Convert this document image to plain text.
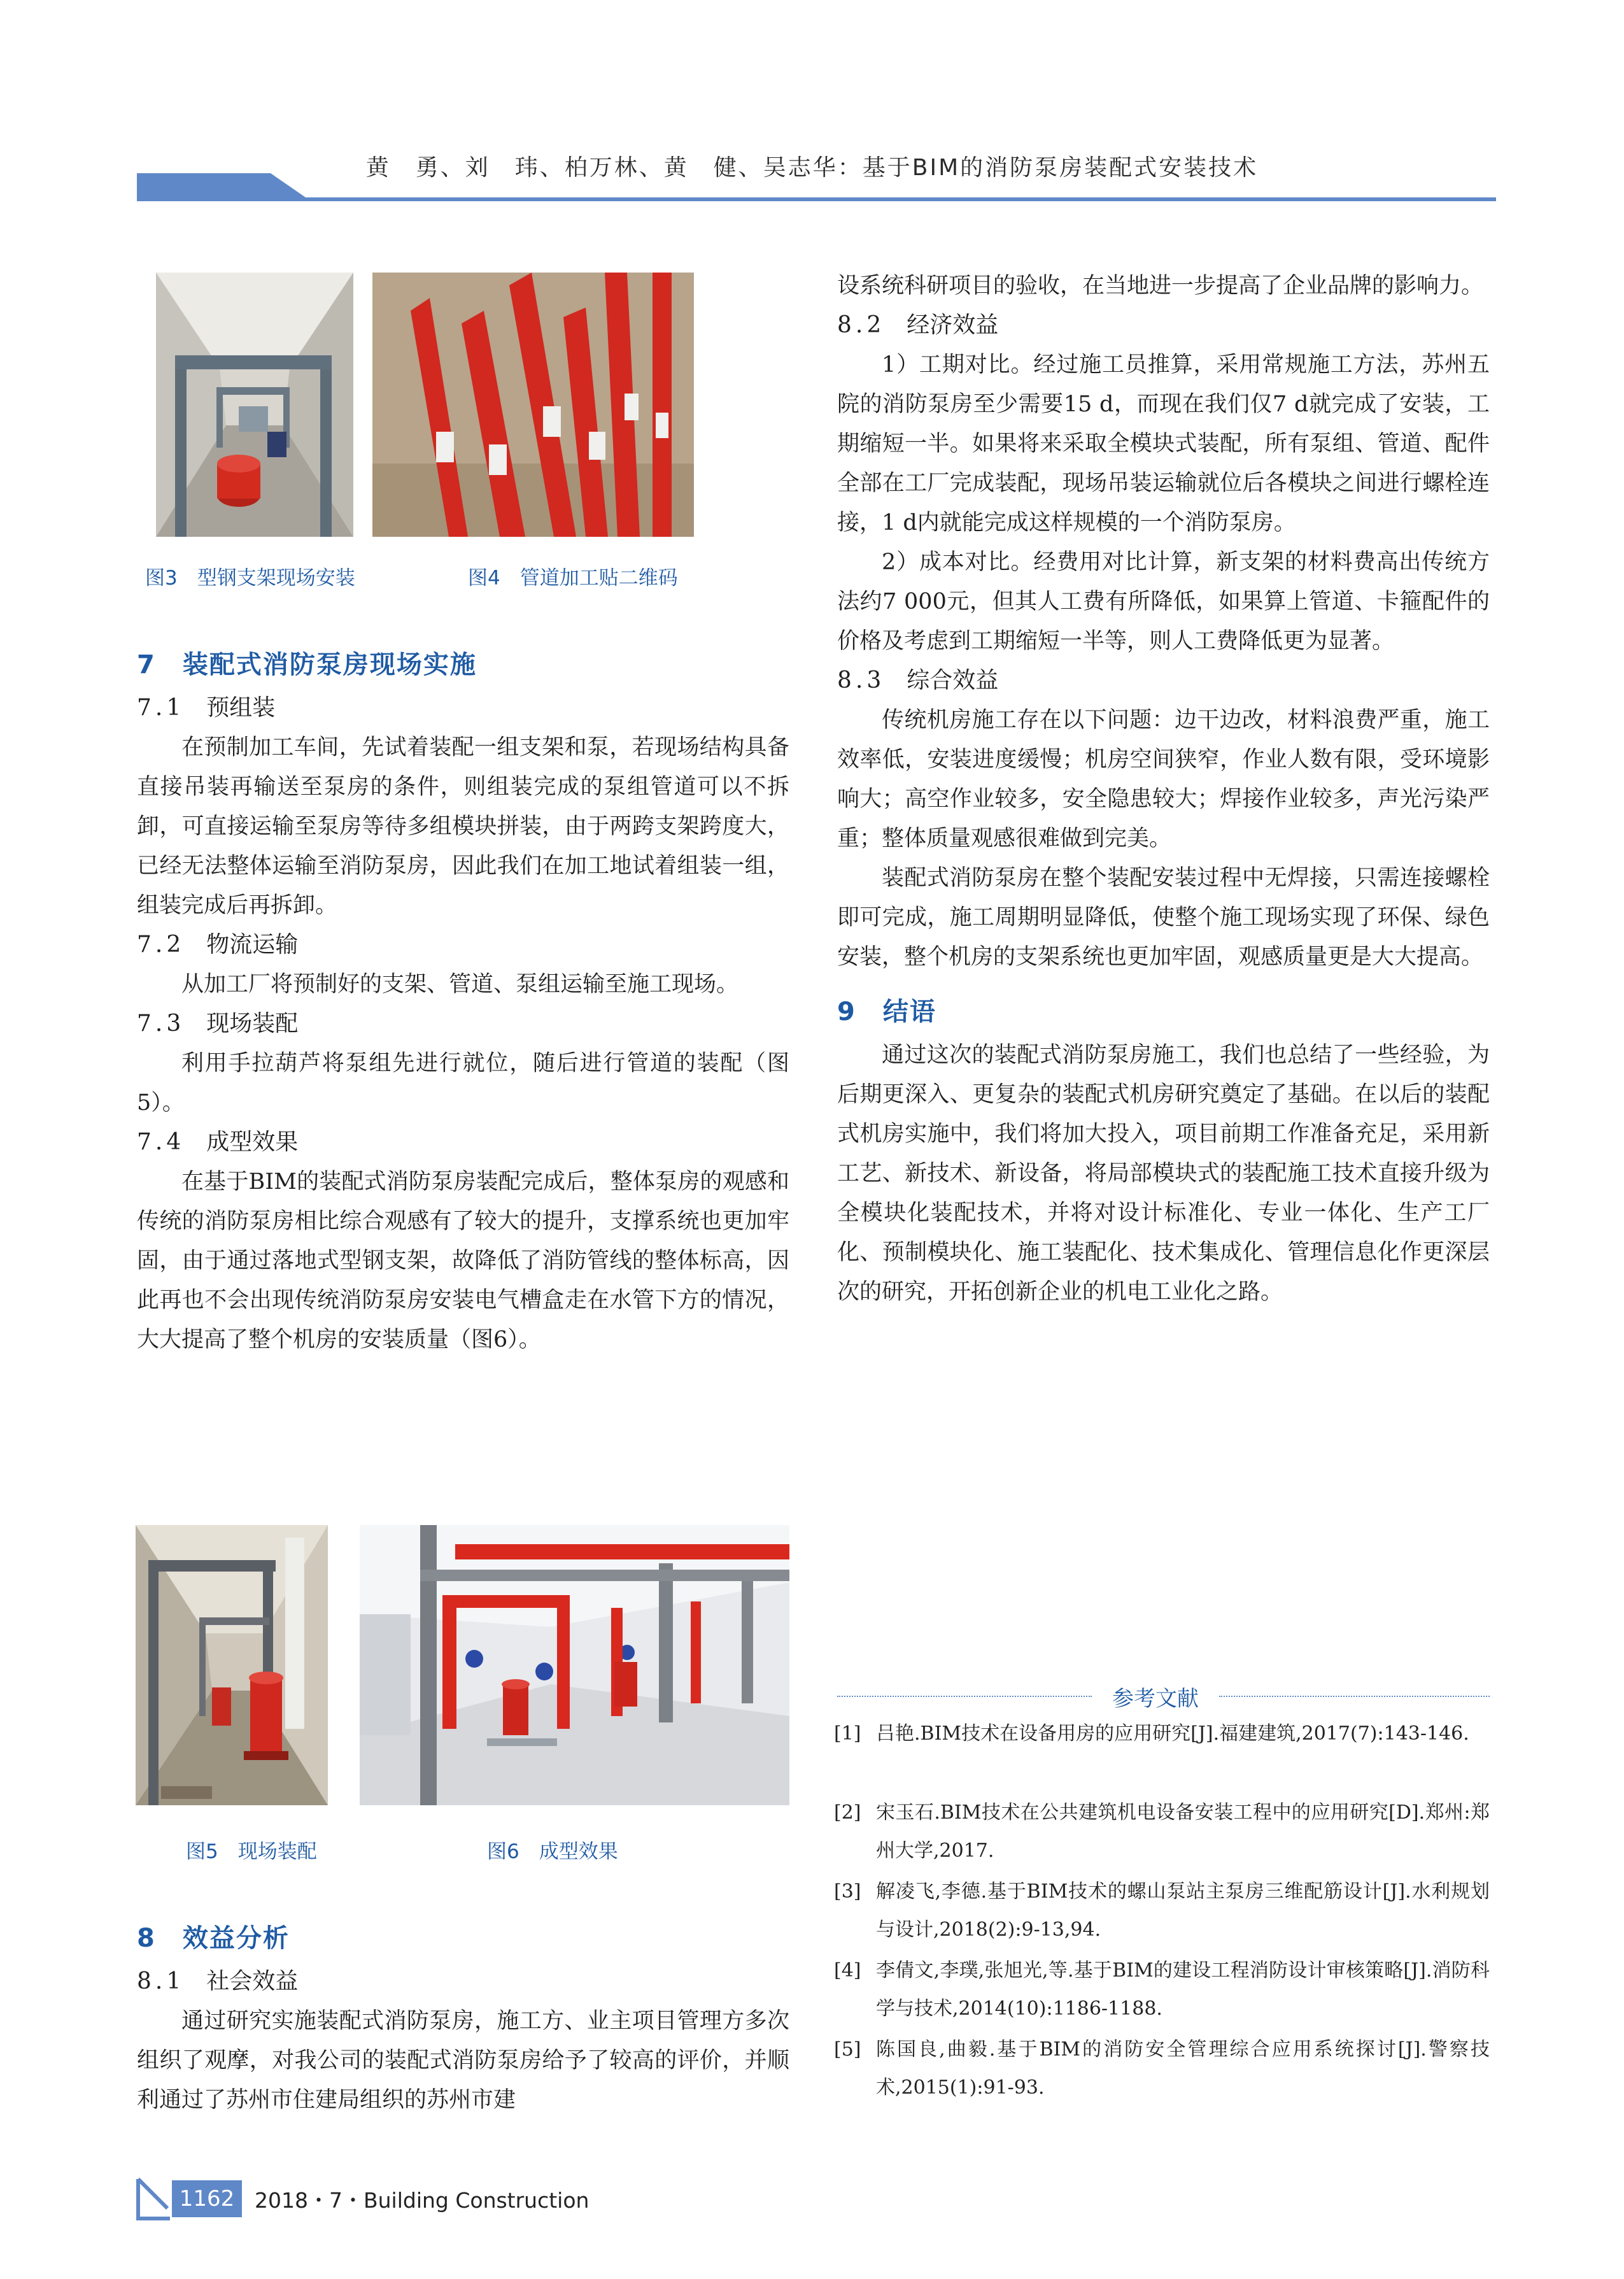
黄　勇、刘　玮、柏万林、黄　健、吴志华：基于BIM的消防泵房装配式安装技术
图3　型钢支架现场安装	图4　管道加工贴二维码
7　装配式消防泵房现场实施
7.1 预组装

在预制加工车间，先试着装配一组支架和泵，若现场结构具备直接吊装再输送至泵房的条件，则组装完成的泵组管道可以不拆卸，可直接运输至泵房等待多组模块拼装，由于两跨支架跨度大，已经无法整体运输至消防泵房，因此我们在加工地试着组装一组，组装完成后再拆卸。

7.2 物流运输

从加工厂将预制好的支架、管道、泵组运输至施工现场。

7.3 现场装配

利用手拉葫芦将泵组先进行就位，随后进行管道的装配（图5）。

7.4 成型效果

在基于BIM的装配式消防泵房装配完成后，整体泵房的观感和传统的消防泵房相比综合观感有了较大的提升，支撑系统也更加牢固，由于通过落地式型钢支架，故降低了消防管线的整体标高，因此再也不会出现传统消防泵房安装电气槽盒走在水管下方的情况，大大提高了整个机房的安装质量（图6）。

图5　现场装配	图6　成型效果
8　效益分析
8.1 社会效益

通过研究实施装配式消防泵房，施工方、业主项目管理方多次组织了观摩，对我公司的装配式消防泵房给予了较高的评价，并顺利通过了苏州市住建局组织的苏州市建

设系统科研项目的验收，在当地进一步提高了企业品牌的影响力。

8.2 经济效益

1）工期对比。经过施工员推算，采用常规施工方法，苏州五院的消防泵房至少需要15 d，而现在我们仅7 d就完成了安装，工期缩短一半。如果将来采取全模块式装配，所有泵组、管道、配件全部在工厂完成装配，现场吊装运输就位后各模块之间进行螺栓连接，1 d内就能完成这样规模的一个消防泵房。

2）成本对比。经费用对比计算，新支架的材料费高出传统方法约7 000元，但其人工费有所降低，如果算上管道、卡箍配件的价格及考虑到工期缩短一半等，则人工费降低更为显著。

8.3 综合效益

传统机房施工存在以下问题：边干边改，材料浪费严重，施工效率低，安装进度缓慢；机房空间狭窄，作业人数有限，受环境影响大；高空作业较多，安全隐患较大；焊接作业较多，声光污染严重；整体质量观感很难做到完美。

装配式消防泵房在整个装配安装过程中无焊接，只需连接螺栓即可完成，施工周期明显降低，使整个施工现场实现了环保、绿色安装，整个机房的支架系统也更加牢固，观感质量更是大大提高。

9　结语

通过这次的装配式消防泵房施工，我们也总结了一些经验，为后期更深入、更复杂的装配式机房研究奠定了基础。在以后的装配式机房实施中，我们将加大投入，项目前期工作准备充足，采用新工艺、新技术、新设备，将局部模块式的装配施工技术直接升级为全模块化装配技术，并将对设计标准化、专业一体化、生产工厂化、预制模块化、施工装配化、技术集成化、管理信息化作更深层次的研究，开拓创新企业的机电工业化之路。

参考文献
[1] 吕艳.BIM技术在设备用房的应用研究[J].福建建筑,2017(7):143-146.
[2] 宋玉石.BIM技术在公共建筑机电设备安装工程中的应用研究[D].郑州:郑州大学,2017.
[3] 解凌飞,李德.基于BIM技术的螺山泵站主泵房三维配筋设计[J].水利规划与设计,2018(2):9-13,94.
[4] 李倩文,李璞,张旭光,等.基于BIM的建设工程消防设计审核策略[J].消防科学与技术,2014(10):1186-1188.
[5] 陈国良,曲毅.基于BIM的消防安全管理综合应用系统探讨[J].警察技术,2015(1):91-93.
1162 2018・7・Building Construction
